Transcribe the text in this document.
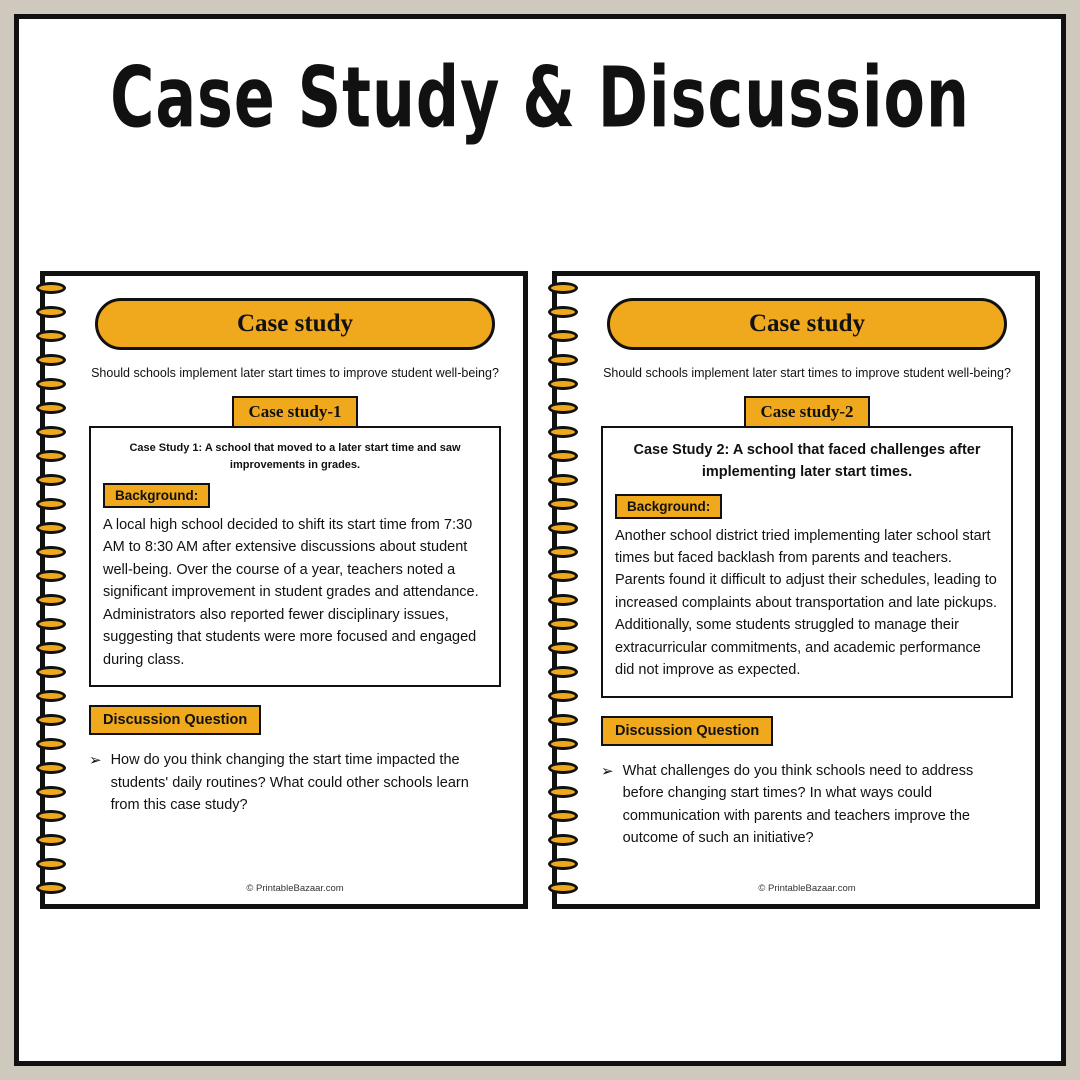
Case Study & Discussion
Case study
Should schools implement later start times to improve student well-being?
Case study-1
Case Study 1: A school that moved to a later start time and saw improvements in grades.
Background:
A local high school decided to shift its start time from 7:30 AM to 8:30 AM after extensive discussions about student well-being. Over the course of a year, teachers noted a significant improvement in student grades and attendance. Administrators also reported fewer disciplinary issues, suggesting that students were more focused and engaged during class.
Discussion Question
➢ How do you think changing the start time impacted the students' daily routines? What could other schools learn from this case study?
© PrintableBazaar.com
Case study
Should schools implement later start times to improve student well-being?
Case study-2
Case Study 2: A school that faced challenges after implementing later start times.
Background:
Another school district tried implementing later school start times but faced backlash from parents and teachers. Parents found it difficult to adjust their schedules, leading to increased complaints about transportation and late pickups. Additionally, some students struggled to manage their extracurricular commitments, and academic performance did not improve as expected.
Discussion Question
➢ What challenges do you think schools need to address before changing start times? In what ways could communication with parents and teachers improve the outcome of such an initiative?
© PrintableBazaar.com
